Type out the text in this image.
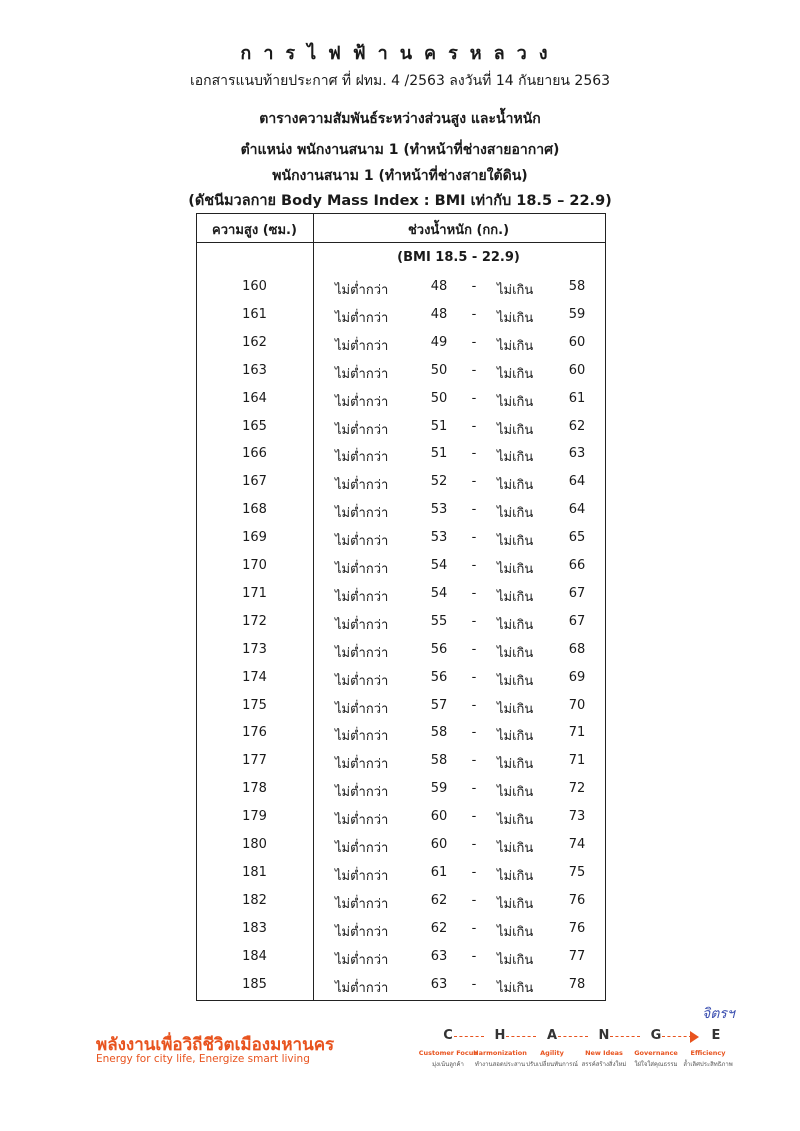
การไฟฟ้านครหลวง
เอกสารแนบท้ายประกาศ ที่ ฝทม. 4 /2563 ลงวันที่ 14 กันยายน 2563
ตารางความสัมพันธ์ระหว่างส่วนสูง และน้ำหนัก
ตำแหน่ง พนักงานสนาม 1 (ทำหน้าที่ช่างสายอากาศ)
พนักงานสนาม 1 (ทำหน้าที่ช่างสายใต้ดิน)
(ดัชนีมวลกาย Body Mass Index : BMI เท่ากับ 18.5 – 22.9)
ความสูง (ซม.)	ช่วงน้ำหนัก (กก.)
(BMI 18.5 - 22.9)
160	ไม่ต่ำกว่า	48	-	ไม่เกิน	58
161	ไม่ต่ำกว่า	48	-	ไม่เกิน	59
162	ไม่ต่ำกว่า	49	-	ไม่เกิน	60
163	ไม่ต่ำกว่า	50	-	ไม่เกิน	60
164	ไม่ต่ำกว่า	50	-	ไม่เกิน	61
165	ไม่ต่ำกว่า	51	-	ไม่เกิน	62
166	ไม่ต่ำกว่า	51	-	ไม่เกิน	63
167	ไม่ต่ำกว่า	52	-	ไม่เกิน	64
168	ไม่ต่ำกว่า	53	-	ไม่เกิน	64
169	ไม่ต่ำกว่า	53	-	ไม่เกิน	65
170	ไม่ต่ำกว่า	54	-	ไม่เกิน	66
171	ไม่ต่ำกว่า	54	-	ไม่เกิน	67
172	ไม่ต่ำกว่า	55	-	ไม่เกิน	67
173	ไม่ต่ำกว่า	56	-	ไม่เกิน	68
174	ไม่ต่ำกว่า	56	-	ไม่เกิน	69
175	ไม่ต่ำกว่า	57	-	ไม่เกิน	70
176	ไม่ต่ำกว่า	58	-	ไม่เกิน	71
177	ไม่ต่ำกว่า	58	-	ไม่เกิน	71
178	ไม่ต่ำกว่า	59	-	ไม่เกิน	72
179	ไม่ต่ำกว่า	60	-	ไม่เกิน	73
180	ไม่ต่ำกว่า	60	-	ไม่เกิน	74
181	ไม่ต่ำกว่า	61	-	ไม่เกิน	75
182	ไม่ต่ำกว่า	62	-	ไม่เกิน	76
183	ไม่ต่ำกว่า	62	-	ไม่เกิน	76
184	ไม่ต่ำกว่า	63	-	ไม่เกิน	77
185	ไม่ต่ำกว่า	63	-	ไม่เกิน	78
จิตรฯ
พลังงานเพื่อวิถีชีวิตเมืองมหานคร
Energy for city life, Energize smart living
C	H	A	N	G	E
Customer Focus
มุ่งเน้นลูกค้า
Harmonization
ทำงานสอดประสาน
Agility
ปรับเปลี่ยนทันการณ์
New Ideas
สรรค์สร้างสิ่งใหม่
Governance
ใฝ่ใจใส่คุณธรรม
Efficiency
ล้ำเลิศประสิทธิภาพ
